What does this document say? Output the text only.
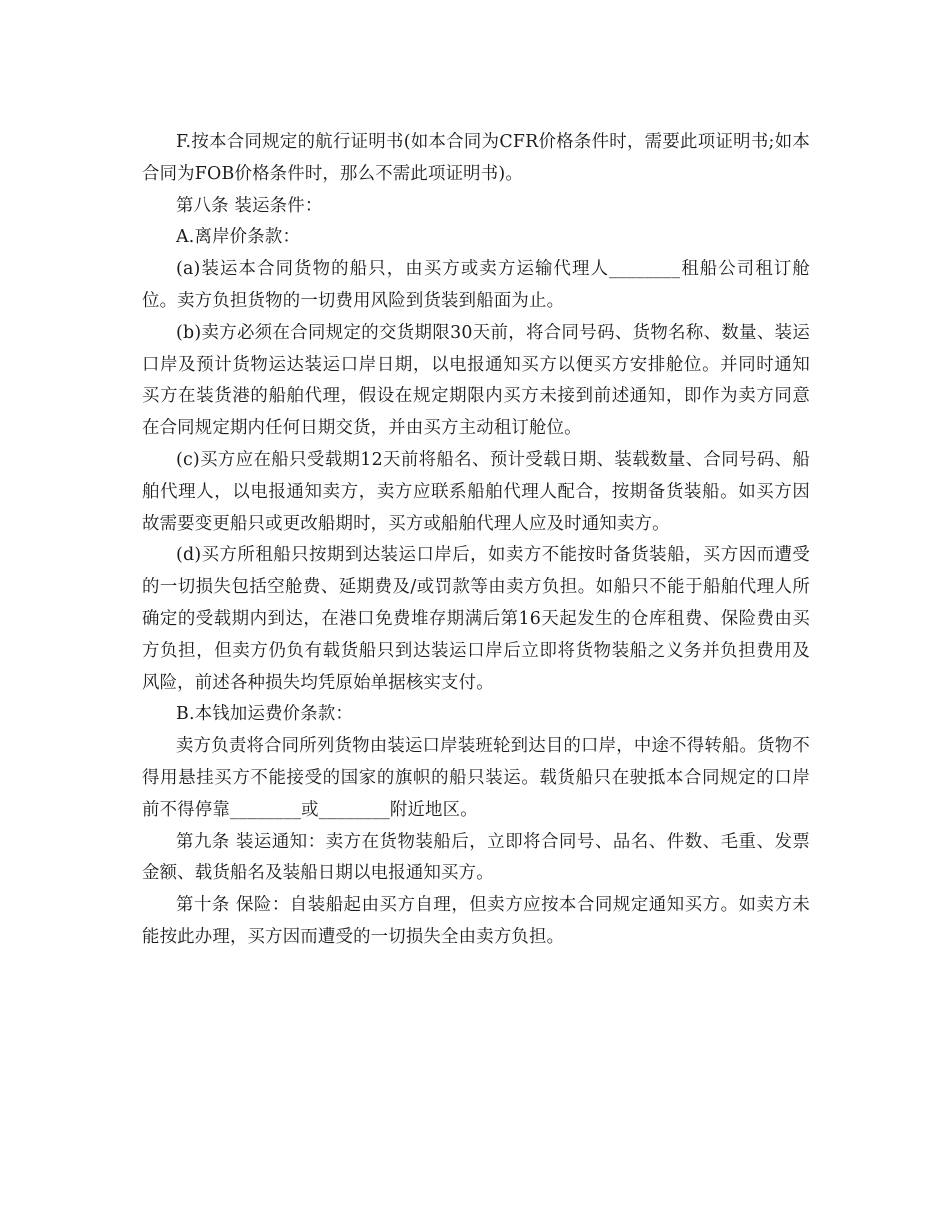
F.按本合同规定的航行证明书(如本合同为CFR价格条件时，需要此项证明书;如本合同为FOB价格条件时，那么不需此项证明书)。

第八条 装运条件：

A.离岸价条款：

(a)装运本合同货物的船只，由买方或卖方运输代理人________租船公司租订舱位。卖方负担货物的一切费用风险到货装到船面为止。

(b)卖方必须在合同规定的交货期限30天前，将合同号码、货物名称、数量、装运口岸及预计货物运达装运口岸日期，以电报通知买方以便买方安排舱位。并同时通知买方在装货港的船舶代理，假设在规定期限内买方未接到前述通知，即作为卖方同意在合同规定期内任何日期交货，并由买方主动租订舱位。

(c)买方应在船只受载期12天前将船名、预计受载日期、装载数量、合同号码、船舶代理人，以电报通知卖方，卖方应联系船舶代理人配合，按期备货装船。如买方因故需要变更船只或更改船期时，买方或船舶代理人应及时通知卖方。

(d)买方所租船只按期到达装运口岸后，如卖方不能按时备货装船，买方因而遭受的一切损失包括空舱费、延期费及/或罚款等由卖方负担。如船只不能于船舶代理人所确定的受载期内到达，在港口免费堆存期满后第16天起发生的仓库租费、保险费由买方负担，但卖方仍负有载货船只到达装运口岸后立即将货物装船之义务并负担费用及风险，前述各种损失均凭原始单据核实支付。

B.本钱加运费价条款：

卖方负责将合同所列货物由装运口岸装班轮到达目的口岸，中途不得转船。货物不得用悬挂买方不能接受的国家的旗帜的船只装运。载货船只在驶抵本合同规定的口岸前不得停靠________或________附近地区。

第九条 装运通知：卖方在货物装船后，立即将合同号、品名、件数、毛重、发票金额、载货船名及装船日期以电报通知买方。

第十条 保险：自装船起由买方自理，但卖方应按本合同规定通知买方。如卖方未能按此办理，买方因而遭受的一切损失全由卖方负担。
